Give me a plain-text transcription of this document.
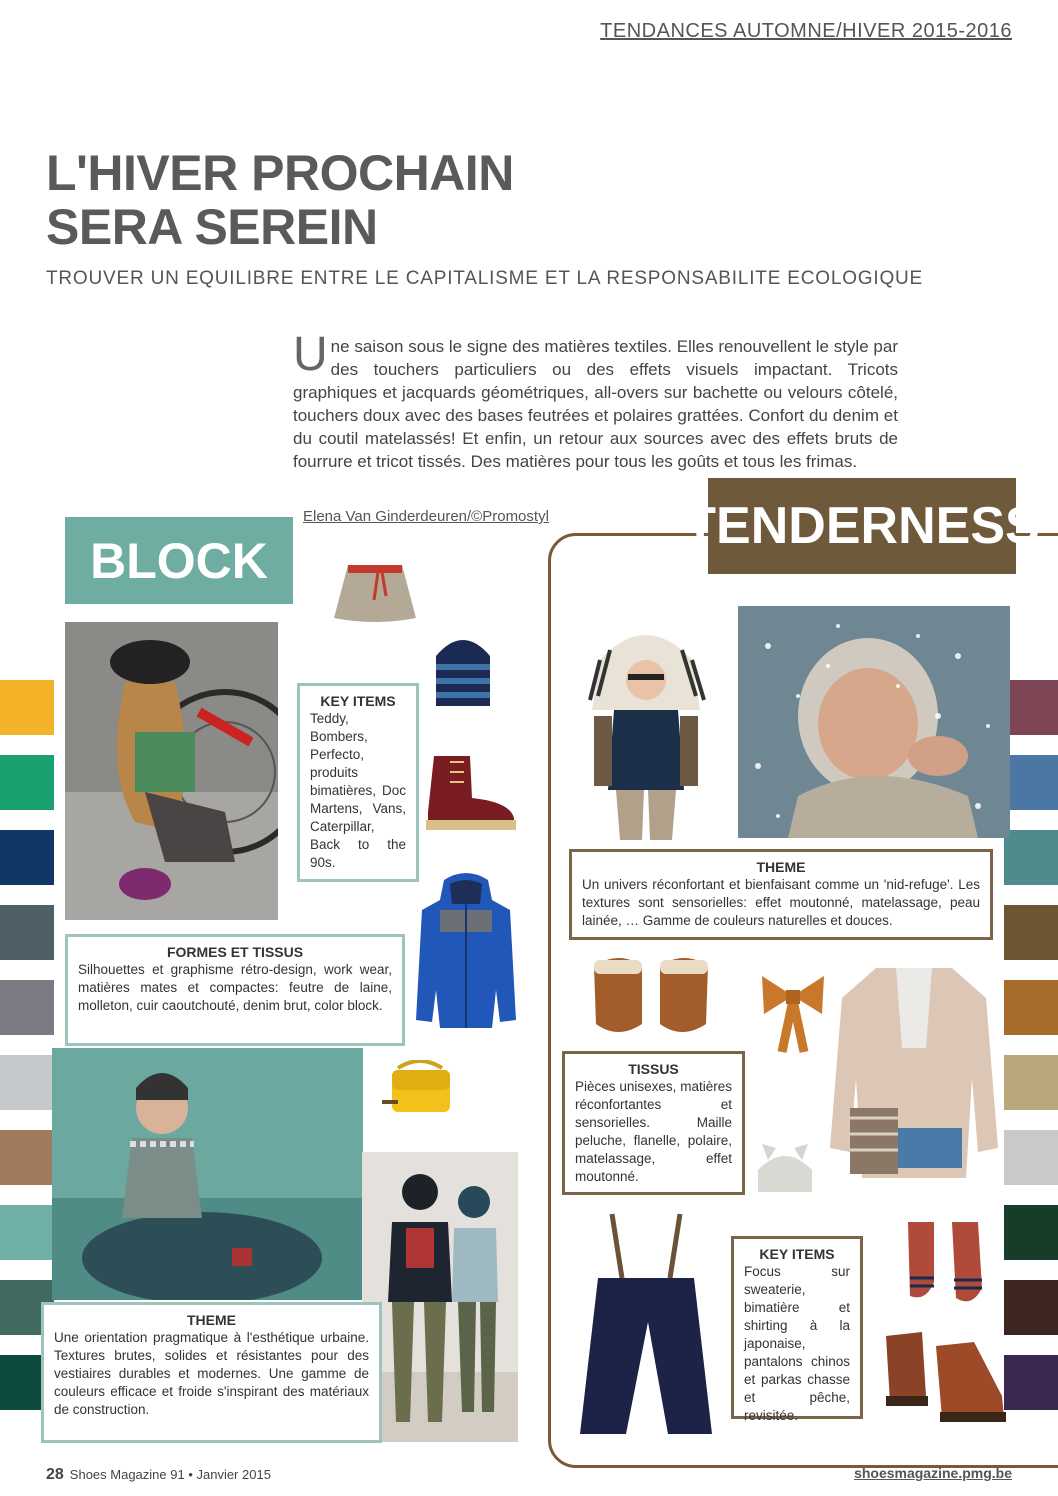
TENDANCES AUTOMNE/HIVER 2015-2016
L'HIVER PROCHAIN
SERA SEREIN
TROUVER UN EQUILIBRE ENTRE LE CAPITALISME ET LA RESPONSABILITE ECOLOGIQUE
Une saison sous le signe des matières textiles. Elles renouvellent le style par des touchers particuliers ou des effets visuels impactant. Tricots graphiques et jacquards géométriques, all-overs sur bachette ou velours côtelé, touchers doux avec des bases feutrées et polaires grattées. Confort du denim et du coutil matelassés! Et enfin, un retour aux sources avec des effets bruts de fourrure et tricot tissés. Des matières pour tous les goûts et tous les frimas.
Elena Van Ginderdeuren/©Promostyl
BLOCK
KEY ITEMS
Teddy, Bombers, Perfecto, produits bimatières, Doc Martens, Vans, Caterpillar, Back to the 90s.
FORMES ET TISSUS
Silhouettes et graphisme rétro-design, work wear, matières mates et compactes: feutre de laine, molleton, cuir caoutchouté, denim brut, color block.
THEME
Une orientation pragmatique à l'esthétique urbaine. Textures brutes, solides et résistantes pour des vestiaires durables et modernes. Une gamme de couleurs efficace et froide s'inspirant des matériaux de construction.
TENDERNESS
THEME
Un univers réconfortant et bienfaisant comme un 'nid-refuge'. Les textures sont sensorielles: effet moutonné, matelassage, peau lainée, … Gamme de couleurs naturelles et douces.
TISSUS
Pièces unisexes, matières réconfortantes et sensorielles. Maille peluche, flanelle, polaire, matelassage, effet moutonné.
KEY ITEMS
Focus sur sweaterie, bimatière et shirting à la japonaise, pantalons chinos et parkas chasse et pêche, revisitée.
28 Shoes Magazine 91 • Janvier 2015	shoesmagazine.pmg.be
